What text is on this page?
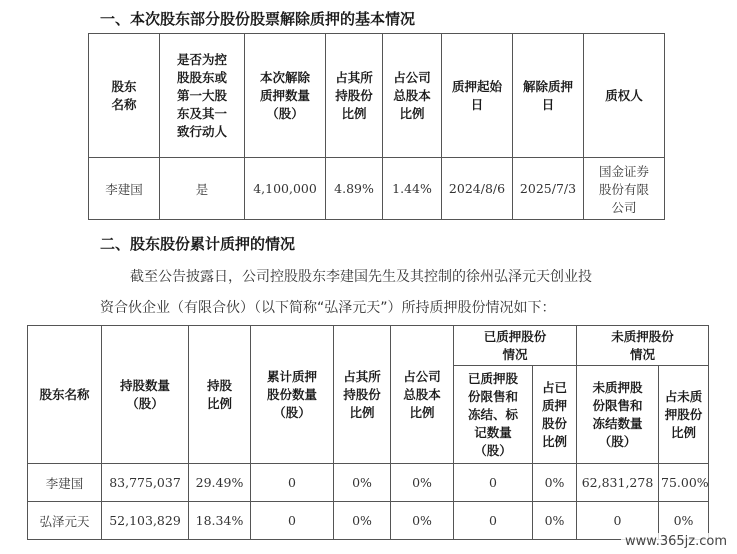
一、本次股东部分股份股票解除质押的基本情况
股东
名称	是否为控
股股东或
第一大股
东及其一
致行动人	本次解除
质押数量
（股）	占其所
持股份
比例	占公司
总股本
比例	质押起始
日	解除质押
日	质权人
李建国	是	4,100,000	4.89%	1.44%	2024/8/6	2025/7/3	国金证券
股份有限
公司
二、股东股份累计质押的情况
截至公告披露日，公司控股股东李建国先生及其控制的徐州弘泽元天创业投
资合伙企业（有限合伙）（以下简称“弘泽元天”）所持质押股份情况如下：
股东名称	持股数量
（股）	持股
比例	累计质押
股份数量
（股）	占其所
持股份
比例	占公司
总股本
比例	已质押股份
情况		未质押股份
情况	
						已质押股
份限售和
冻结、标
记数量
（股）	占已
质押
股份
比例	未质押股
份限售和
冻结数量
（股）	占未质
押股份
比例
李建国	83,775,037	29.49%	0	0%	0%	0	0%	62,831,278	75.00%
弘泽元天	52,103,829	18.34%	0	0%	0%	0	0%	0	0%
www.365jz.com
